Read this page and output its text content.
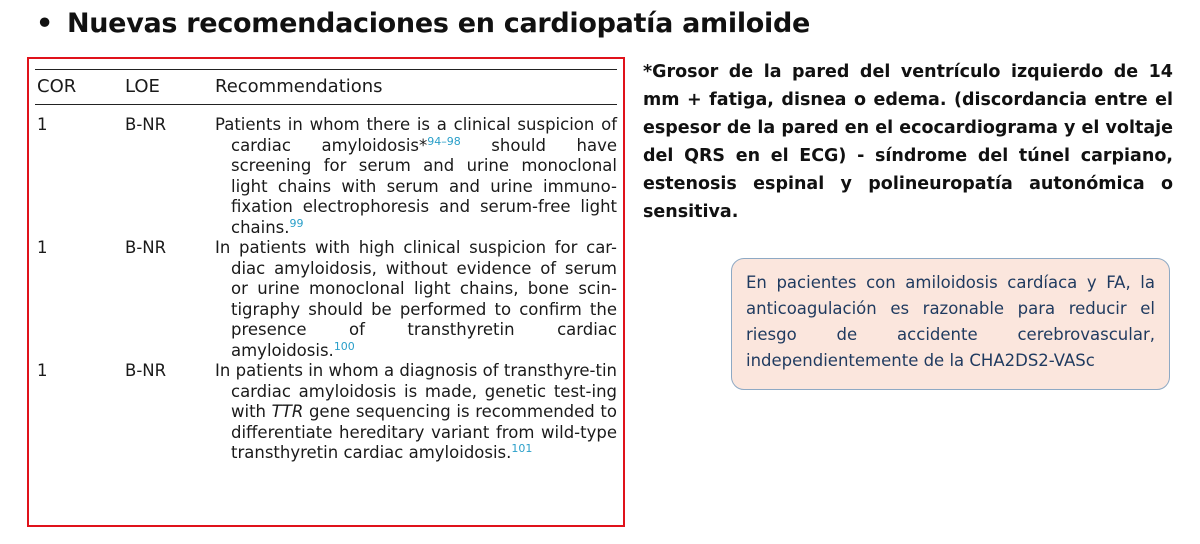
• Nuevas recomendaciones en cardiopatía amiloide
COR	LOE	Recommendations
1	B-NR	Patients in whom there is a clinical suspicion of cardiac amyloidosis*$^{94-98}$ should have screening for serum and urine monoclonal light chains with serum and urine immuno-fixation electrophoresis and serum-free light chains.$^{99}$
1	B-NR	In patients with high clinical suspicion for car-diac amyloidosis, without evidence of serum or urine monoclonal light chains, bone scin-tigraphy should be performed to confirm the presence of transthyretin cardiac amyloidosis.$^{100}$
1	B-NR	In patients in whom a diagnosis of transthyre-tin cardiac amyloidosis is made, genetic test-ing with TTR gene sequencing is recommended to differentiate hereditary variant from wild-type transthyretin cardiac amyloidosis.$^{101}$
*Grosor de la pared del ventrículo izquierdo de 14 mm + fatiga, disnea o edema. (discordancia entre el espesor de la pared en el ecocardiograma y el voltaje del QRS en el ECG) - síndrome del túnel carpiano, estenosis espinal y polineuropatía autonómica o sensitiva.
En pacientes con amiloidosis cardíaca y FA, la anticoagulación es razonable para reducir el riesgo de accidente cerebrovascular, independientemente de la CHA2DS2-VASc
